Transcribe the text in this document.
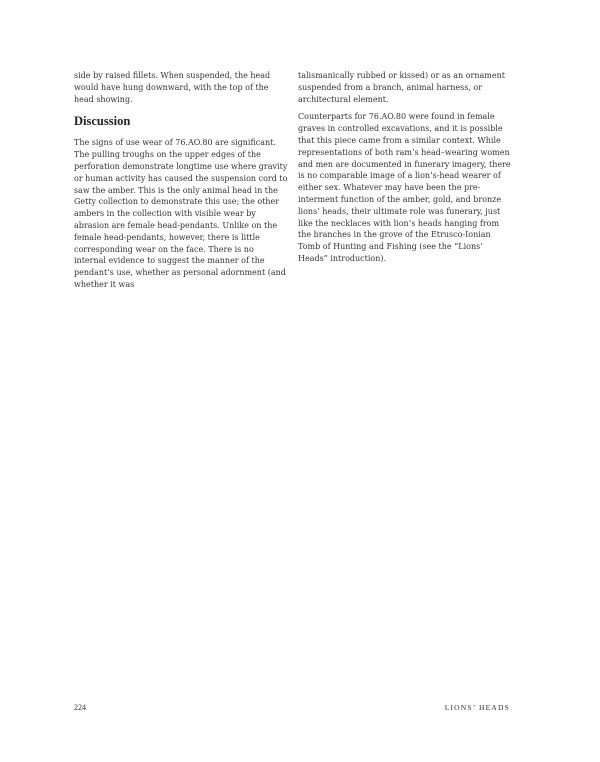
side by raised fillets. When suspended, the head would have hung downward, with the top of the head showing.

Discussion

The signs of use wear of 76.AO.80 are significant. The pulling troughs on the upper edges of the perforation demonstrate longtime use where gravity or human activity has caused the suspension cord to saw the amber. This is the only animal head in the Getty collection to demonstrate this use; the other ambers in the collection with visible wear by abrasion are female head-pendants. Unlike on the female head-pendants, however, there is little corresponding wear on the face. There is no internal evidence to suggest the manner of the pendant’s use, whether as personal adornment (and whether it was

talismanically rubbed or kissed) or as an ornament suspended from a branch, animal harness, or architectural element.

Counterparts for 76.AO.80 were found in female graves in controlled excavations, and it is possible that this piece came from a similar context. While representations of both ram’s head–wearing women and men are documented in funerary imagery, there is no comparable image of a lion’s-head wearer of either sex. Whatever may have been the pre-interment function of the amber, gold, and bronze lions’ heads, their ultimate role was funerary, just like the necklaces with lion’s heads hanging from the branches in the grove of the Etrusco-Ionian Tomb of Hunting and Fishing (see the “Lions’ Heads” introduction).

224	LIONS’ HEADS
